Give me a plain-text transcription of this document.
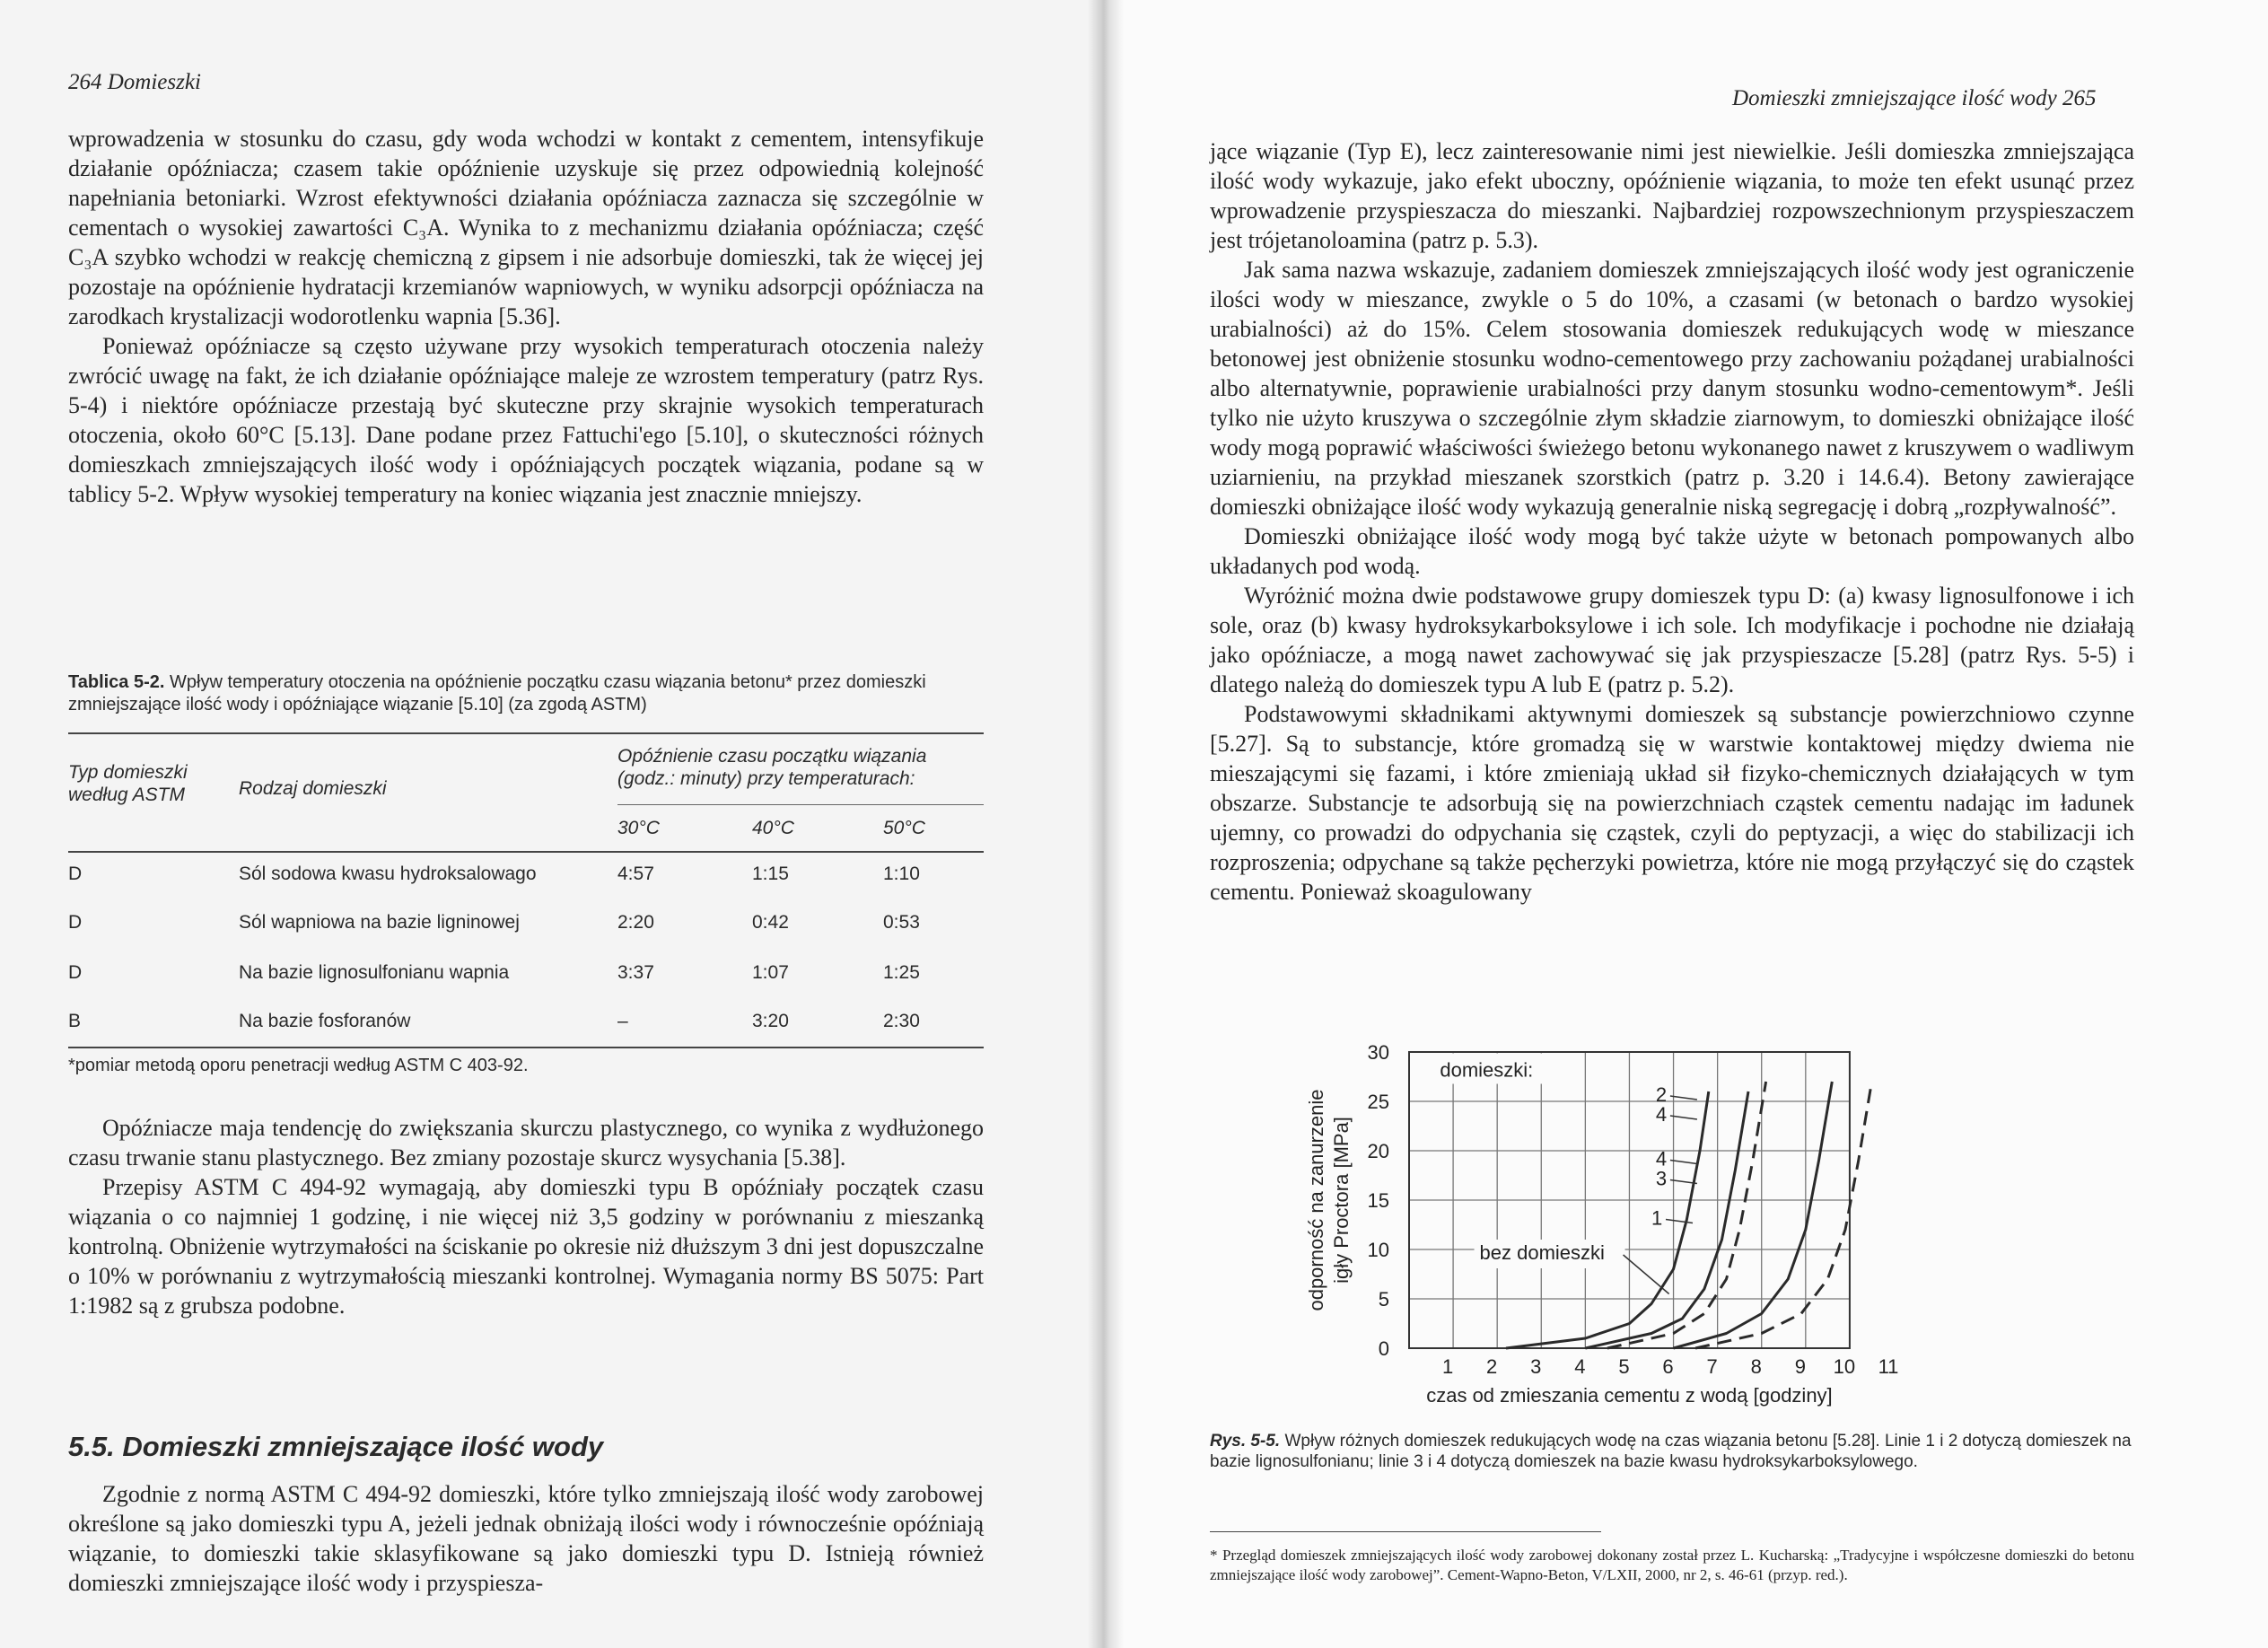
264 Domieszki

wprowadzenia w stosunku do czasu, gdy woda wchodzi w kontakt z cementem, intensyfikuje działanie opóźniacza; czasem takie opóźnienie uzyskuje się przez odpowiednią kolejność napełniania betoniarki. Wzrost efektywności działania opóźniacza zaznacza się szczególnie w cementach o wysokiej zawartości C₃A. Wynika to z mechanizmu działania opóźniacza; część C₃A szybko wchodzi w reakcję chemiczną z gipsem i nie adsorbuje domieszki, tak że więcej jej pozostaje na opóźnienie hydratacji krzemianów wapniowych, w wyniku adsorpcji opóźniacza na zarodkach krystalizacji wodorotlenku wapnia [5.36].

Ponieważ opóźniacze są często używane przy wysokich temperaturach otoczenia należy zwrócić uwagę na fakt, że ich działanie opóźniające maleje ze wzrostem temperatury (patrz Rys. 5-4) i niektóre opóźniacze przestają być skuteczne przy skrajnie wysokich temperaturach otoczenia, około 60°C [5.13]. Dane podane przez Fattuchi'ego [5.10], o skuteczności różnych domieszkach zmniejszających ilość wody i opóźniających początek wiązania, podane są w tablicy 5-2. Wpływ wysokiej temperatury na koniec wiązania jest znacznie mniejszy.

Tablica 5-2. Wpływ temperatury otoczenia na opóźnienie początku czasu wiązania betonu* przez domieszki zmniejszające ilość wody i opóźniające wiązanie [5.10] (za zgodą ASTM)
Typ domieszki według ASTM	Rodzaj domieszki
Opóźnienie czasu początku wiązania (godz.: minuty) przy temperaturach:
30°C	40°C	50°C
D	Sól sodowa kwasu hydroksalowago	4:57	1:15	1:10
D	Sól wapniowa na bazie ligninowej	2:20	0:42	0:53
D	Na bazie lignosulfonianu wapnia	3:37	1:07	1:25
B	Na bazie fosforanów	–	3:20	2:30
*pomiar metodą oporu penetracji według ASTM C 403-92.

Opóźniacze maja tendencję do zwiększania skurczu plastycznego, co wynika z wydłużonego czasu trwanie stanu plastycznego. Bez zmiany pozostaje skurcz wysychania [5.38].

Przepisy ASTM C 494-92 wymagają, aby domieszki typu B opóźniały początek czasu wiązania o co najmniej 1 godzinę, i nie więcej niż 3,5 godziny w porównaniu z mieszanką kontrolną. Obniżenie wytrzymałości na ściskanie po okresie niż dłuższym 3 dni jest dopuszczalne o 10% w porównaniu z wytrzymałością mieszanki kontrolnej. Wymagania normy BS 5075: Part 1:1982 są z grubsza podobne.

5.5. Domieszki zmniejszające ilość wody

Zgodnie z normą ASTM C 494-92 domieszki, które tylko zmniejszają ilość wody zarobowej określone są jako domieszki typu A, jeżeli jednak obniżają ilości wody i równocześnie opóźniają wiązanie, to domieszki takie sklasyfikowane są jako domieszki typu D. Istnieją również domieszki zmniejszające ilość wody i przyspiesza-

Domieszki zmniejszające ilość wody 265

jące wiązanie (Typ E), lecz zainteresowanie nimi jest niewielkie. Jeśli domieszka zmniejszająca ilość wody wykazuje, jako efekt uboczny, opóźnienie wiązania, to może ten efekt usunąć przez wprowadzenie przyspieszacza do mieszanki. Najbardziej rozpowszechnionym przyspieszaczem jest trójetanoloamina (patrz p. 5.3).

Jak sama nazwa wskazuje, zadaniem domieszek zmniejszających ilość wody jest ograniczenie ilości wody w mieszance, zwykle o 5 do 10%, a czasami (w betonach o bardzo wysokiej urabialności) aż do 15%. Celem stosowania domieszek redukujących wodę w mieszance betonowej jest obniżenie stosunku wodno-cementowego przy zachowaniu pożądanej urabialności albo alternatywnie, poprawienie urabialności przy danym stosunku wodno-cementowym*. Jeśli tylko nie użyto kruszywa o szczególnie złym składzie ziarnowym, to domieszki obniżające ilość wody mogą poprawić właściwości świeżego betonu wykonanego nawet z kruszywem o wadliwym uziarnieniu, na przykład mieszanek szorstkich (patrz p. 3.20 i 14.6.4). Betony zawierające domieszki obniżające ilość wody wykazują generalnie niską segregację i dobrą „rozpływalność”.

Domieszki obniżające ilość wody mogą być także użyte w betonach pompowanych albo układanych pod wodą.

Wyróżnić można dwie podstawowe grupy domieszek typu D: (a) kwasy lignosulfonowe i ich sole, oraz (b) kwasy hydroksykarboksylowe i ich sole. Ich modyfikacje i pochodne nie działają jako opóźniacze, a mogą nawet zachowywać się jak przyspieszacze [5.28] (patrz Rys. 5-5) i dlatego należą do domieszek typu A lub E (patrz p. 5.2).

Podstawowymi składnikami aktywnymi domieszek są substancje powierzchniowo czynne [5.27]. Są to substancje, które gromadzą się w warstwie kontaktowej między dwiema nie mieszającymi się fazami, i które zmieniają układ sił fizyko-chemicznych działających w tym obszarze. Substancje te adsorbują się na powierzchniach cząstek cementu nadając im ładunek ujemny, co prowadzi do odpychania się cząstek, czyli do peptyzacji, a więc do stabilizacji ich rozproszenia; odpychane są także pęcherzyki powietrza, które nie mogą przyłączyć się do cząstek cementu. Ponieważ skoagulowany

0
5
10
15
20
25
30
1 2 3 4 5 6 7 8 9 10 11
czas od zmieszania cementu z wodą [godziny]
odporność na zanurzenie igły Proctora [MPa]
domieszki:
2
4
4
3
1
bez domieszki
Rys. 5-5. Wpływ różnych domieszek redukujących wodę na czas wiązania betonu [5.28]. Linie 1 i 2 dotyczą domieszek na bazie lignosulfonianu; linie 3 i 4 dotyczą domieszek na bazie kwasu hydroksykarboksylowego.
* Przegląd domieszek zmniejszających ilość wody zarobowej dokonany został przez L. Kucharską: „Tradycyjne i współczesne domieszki do betonu zmniejszające ilość wody zarobowej”. Cement-Wapno-Beton, V/LXII, 2000, nr 2, s. 46-61 (przyp. red.).
